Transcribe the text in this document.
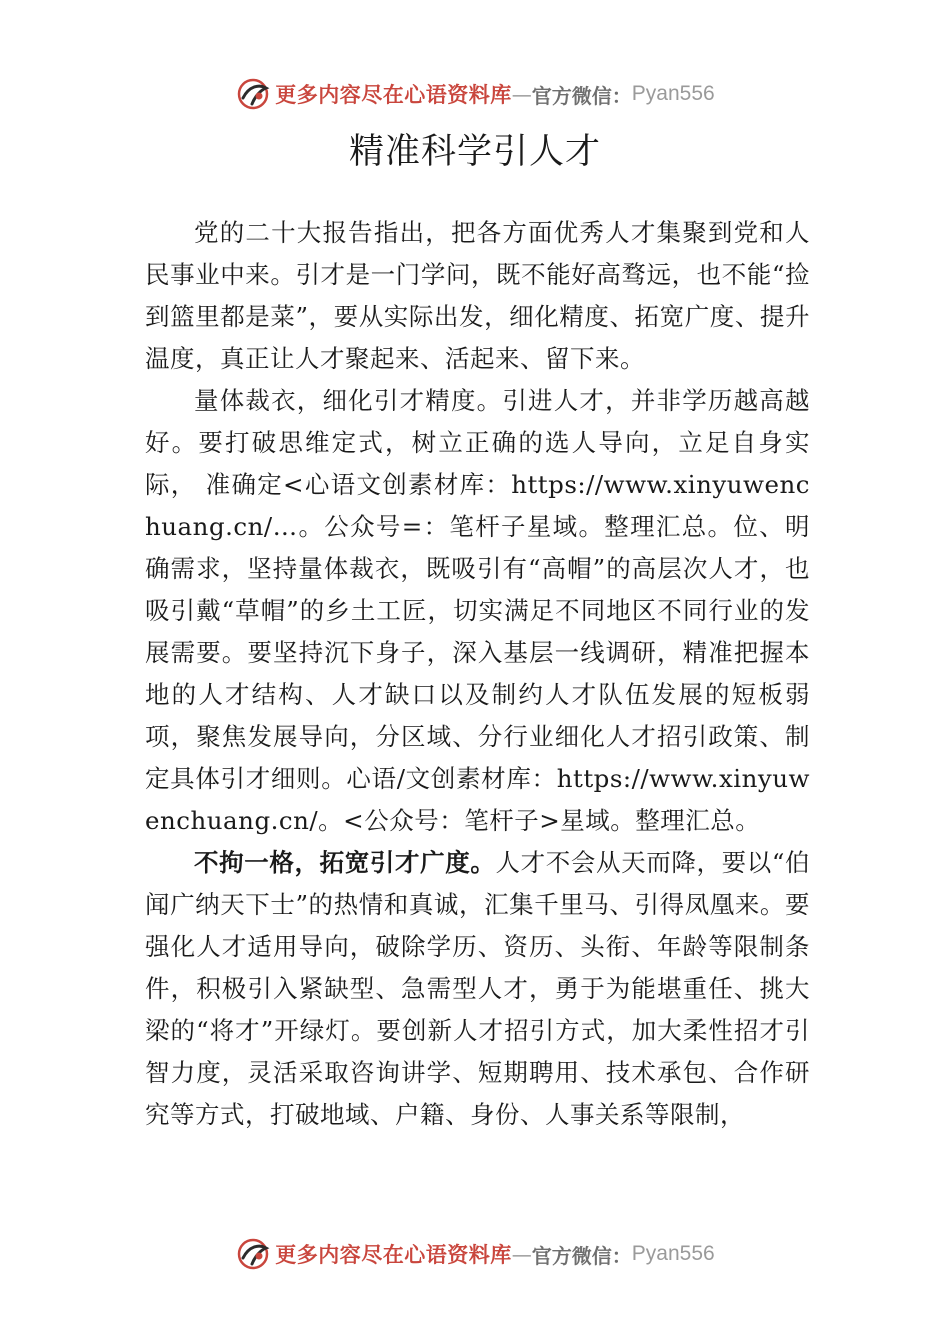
更多内容尽在心语资料库 — 官方微信： Pyan556
精准科学引人才

党的二十大报告指出，把各方面优秀人才集聚到党和人民事业中来。引才是一门学问，既不能好高骛远，也不能“捡到篮里都是菜”，要从实际出发，细化精度、拓宽广度、提升温度，真正让人才聚起来、活起来、留下来。

量体裁衣，细化引才精度。引进人才，并非学历越高越好。要打破思维定式，树立正确的选人导向，立足自身实际， 准确定<心语文创素材库：https://www.xinyuwenchuang.cn/…。公众号=：笔杆子星域。整理汇总。位、明确需求，坚持量体裁衣，既吸引有“高帽”的高层次人才，也吸引戴“草帽”的乡土工匠，切实满足不同地区不同行业的发展需要。要坚持沉下身子，深入基层一线调研，精准把握本地的人才结构、人才缺口以及制约人才队伍发展的短板弱项，聚焦发展导向，分区域、分行业细化人才招引政策、制定具体引才细则。心语/文创素材库：https://www.xinyuwenchuang.cn/。<公众号：笔杆子>星域。整理汇总。

不拘一格，拓宽引才广度。人才不会从天而降，要以“伯闻广纳天下士”的热情和真诚，汇集千里马、引得凤凰来。要强化人才适用导向，破除学历、资历、头衔、年龄等限制条件，积极引入紧缺型、急需型人才，勇于为能堪重任、挑大梁的“将才”开绿灯。要创新人才招引方式，加大柔性招才引智力度，灵活采取咨询讲学、短期聘用、技术承包、合作研究等方式，打破地域、户籍、身份、人事关系等限制，

更多内容尽在心语资料库 — 官方微信： Pyan556
